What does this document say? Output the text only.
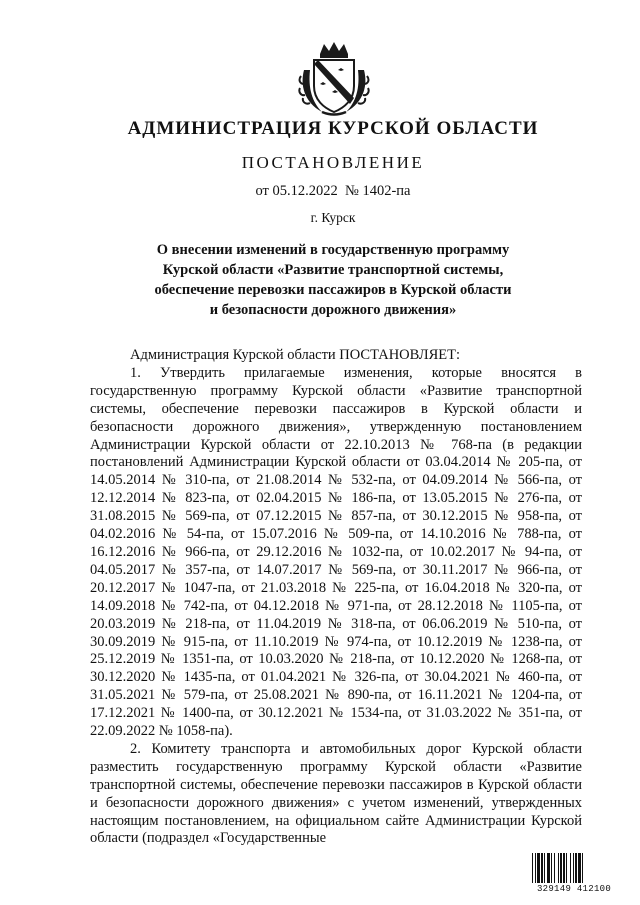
АДМИНИСТРАЦИЯ КУРСКОЙ ОБЛАСТИ
ПОСТАНОВЛЕНИЕ
от 05.12.2022  № 1402-па
г. Курск
О внесении изменений в государственную программу
Курской области «Развитие транспортной системы,
обеспечение перевозки пассажиров в Курской области
и безопасности дорожного движения»

Администрация Курской области ПОСТАНОВЛЯЕТ:

1. Утвердить прилагаемые изменения, которые вносятся в государственную программу Курской области «Развитие транспортной системы, обеспечение перевозки пассажиров в Курской области и безопасности дорожного движения», утвержденную постановлением Администрации Курской области от 22.10.2013 № 768-па (в редакции постановлений Администрации Курской области от 03.04.2014 № 205-па, от 14.05.2014 № 310-па, от 21.08.2014 № 532-па, от 04.09.2014 № 566-па, от 12.12.2014 № 823-па, от 02.04.2015 № 186-па, от 13.05.2015 № 276-па, от 31.08.2015 № 569-па, от 07.12.2015 № 857-па, от 30.12.2015 № 958-па, от 04.02.2016 № 54-па, от 15.07.2016 № 509-па, от 14.10.2016 № 788-па, от 16.12.2016 № 966-па, от 29.12.2016 № 1032-па, от 10.02.2017 № 94-па, от 04.05.2017 № 357-па, от 14.07.2017 № 569-па, от 30.11.2017 № 966-па, от 20.12.2017 № 1047-па, от 21.03.2018 № 225-па, от 16.04.2018 № 320-па, от 14.09.2018 № 742-па, от 04.12.2018 № 971-па, от 28.12.2018 № 1105-па, от 20.03.2019 № 218-па, от 11.04.2019 № 318-па, от 06.06.2019 № 510-па, от 30.09.2019 № 915-па, от 11.10.2019 № 974-па, от 10.12.2019 № 1238-па, от 25.12.2019 № 1351-па, от 10.03.2020 № 218-па, от 10.12.2020 № 1268-па, от 30.12.2020 № 1435-па, от 01.04.2021 № 326-па, от 30.04.2021 № 460-па, от 31.05.2021 № 579-па, от 25.08.2021 № 890-па, от 16.11.2021 № 1204-па, от 17.12.2021 № 1400-па, от 30.12.2021 № 1534-па, от 31.03.2022 № 351-па, от 22.09.2022 № 1058-па).

2. Комитету транспорта и автомобильных дорог Курской области разместить государственную программу Курской области «Развитие транспортной системы, обеспечение перевозки пассажиров в Курской области и безопасности дорожного движения» с учетом изменений, утвержденных настоящим постановлением, на официальном сайте Администрации Курской области (подраздел «Государственные

329149 412100
